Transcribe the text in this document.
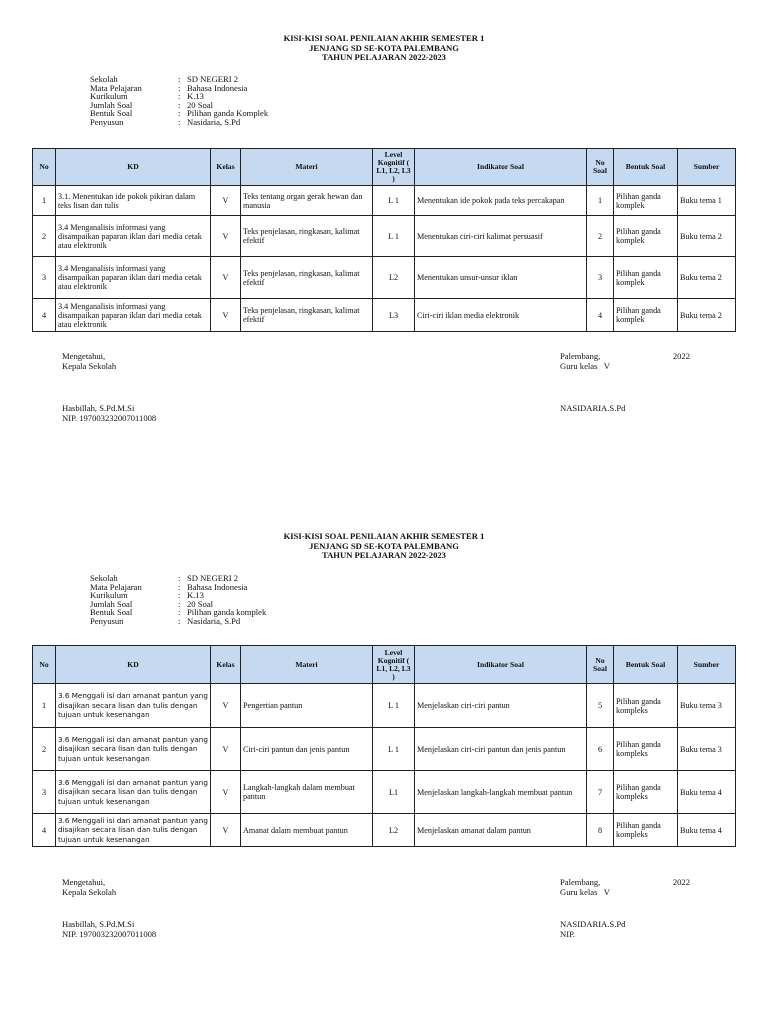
KISI-KISI SOAL PENILAIAN AKHIR SEMESTER 1
JENJANG SD SE-KOTA PALEMBANG
TAHUN PELAJARAN 2022-2023
Sekolah	: SD NEGERI 2
Mata Pelajaran	: Bahasa Indonesia
Kurikulum	: K.13
Jumlah Soal	: 20 Soal
Bentuk Soal	: Pilihan ganda Komplek
Penyusun	: Nasidaria, S.Pd
No	KD	Kelas	Materi	Level Kognitif ( L1, L2, L3 )	Indikator Soal	No Soal	Bentuk Soal	Sumber
1	3.1. Menentukan ide pokok pikiran dalam teks lisan dan tulis	V	Teks tentang organ gerak hewan dan manusia	L 1	Menentukan ide pokok pada teks percakapan	1	Pilihan ganda komplek	Buku tema 1
2	3.4 Menganalisis informasi yang disampaikan paparan iklan dari media cetak atau elektronik	V	Teks penjelasan, ringkasan, kalimat efektif	L 1	Menentukan ciri-ciri kalimat persuasif	2	Pilihan ganda komplek	Buku tema 2
3	3.4 Menganalisis informasi yang disampaikan paparan iklan dari media cetak atau elektronik	V	Teks penjelasan, ringkasan, kalimat efektif	L2	Menentukan unsur-unsur iklan	3	Pilihan ganda komplek	Buku tema 2
4	3.4 Menganalisis informasi yang disampaikan paparan iklan dari media cetak atau elektronik	V	Teks penjelasan, ringkasan, kalimat efektif	L3	Ciri-ciri iklan media elektronik	4	Pilihan ganda komplek	Buku tema 2
Mengetahui,
Kepala Sekolah
Hasbillah, S.Pd.M.Si
NIP. 197003232007011008
Palembang,	2022
Guru kelas   V
NASIDARIA.S.Pd
KISI-KISI SOAL PENILAIAN AKHIR SEMESTER 1
JENJANG SD SE-KOTA PALEMBANG
TAHUN PELAJARAN 2022-2023
Sekolah	: SD NEGERI 2
Mata Pelajaran	: Bahasa Indonesia
Kurikulum	: K.13
Jumlah Soal	: 20 Soal
Bentuk Soal	: Pilihan ganda komplek
Penyusun	: Nasidaria, S.Pd
No	KD	Kelas	Materi	Level Kognitif ( L1, L2, L3 )	Indikator Soal	No Soal	Bentuk Soal	Sumber
1	3.6 Menggali isi dan amanat pantun yang disajikan secara lisan dan tulis dengan tujuan untuk kesenangan	V	Pengertian pantun	L 1	Menjelaskan ciri-ciri pantun	5	Pilihan ganda kompleks	Buku tema 3
2	3.6 Menggali isi dan amanat pantun yang disajikan secara lisan dan tulis dengan tujuan untuk kesenangan	V	Ciri-ciri pantun dan jenis pantun	L 1	Menjelaskan ciri-ciri pantun dan jenis pantun	6	Pilihan ganda kompleks	Buku tema 3
3	3.6 Menggali isi dan amanat pantun yang disajikan secara lisan dan tulis dengan tujuan untuk kesenangan	V	Langkah-langkah dalam membuat pantun	L1	Menjelaskan langkah-langkah membuat pantun	7	Pilihan ganda kompleks	Buku tema 4
4	3.6 Menggali isi dan amanat pantun yang disajikan secara lisan dan tulis dengan tujuan untuk kesenangan	V	Amanat dalam membuat pantun	L2	Menjelaskan amanat dalam pantun	8	Pilihan ganda kompleks	Buku tema 4
Mengetahui,
Kepala Sekolah
Hasbillah, S.Pd.M.Si
NIP. 197003232007011008
Palembang,	2022
Guru kelas   V
NASIDARIA.S.Pd
NIP.
